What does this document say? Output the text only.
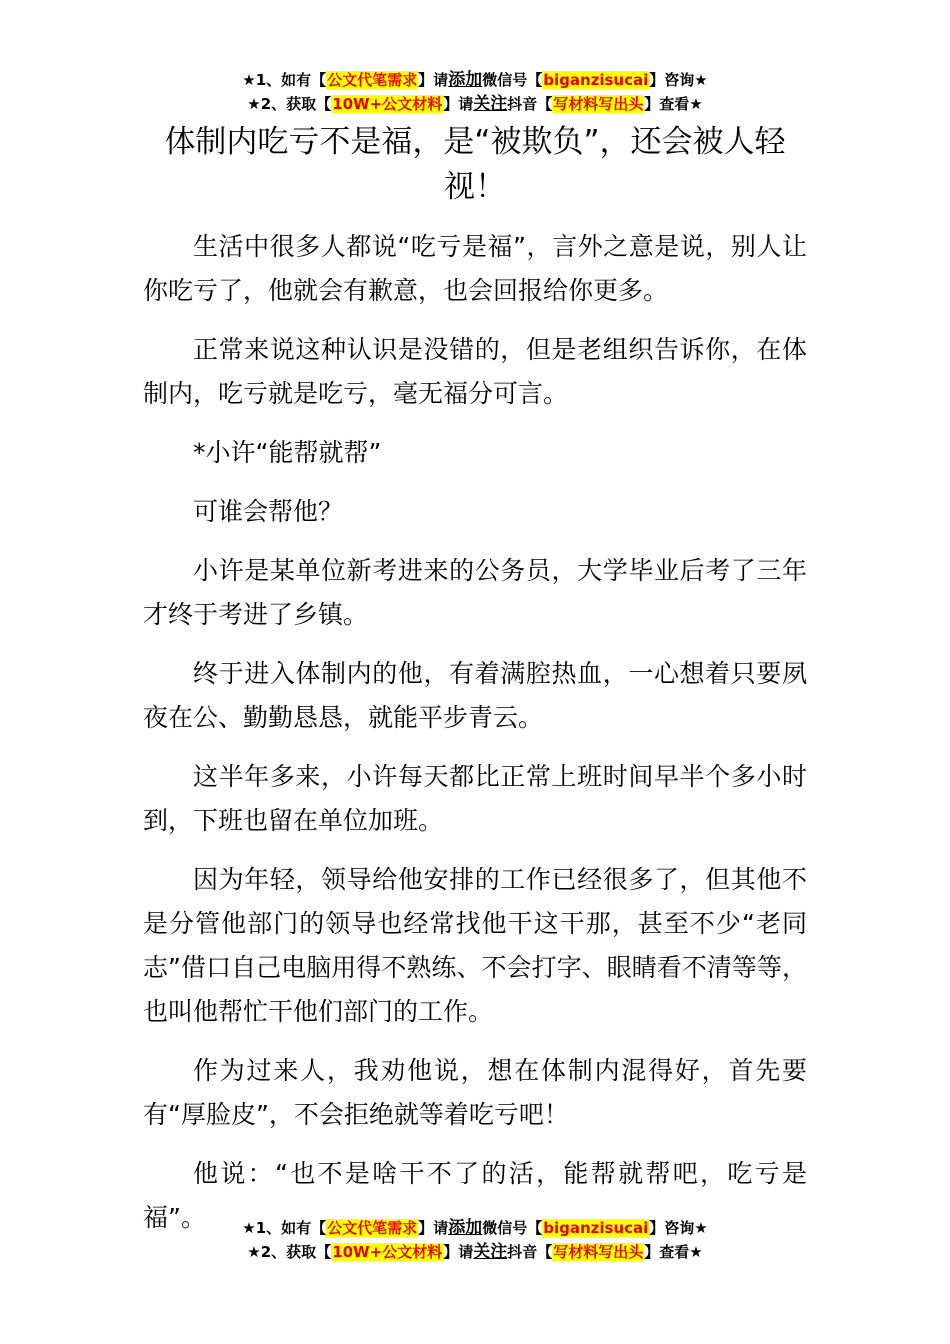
★1、如有【公文代笔需求】请添加微信号【biganzisucai】咨询★
★2、获取【10W+公文材料】请关注抖音【写材料写出头】查看★
体制内吃亏不是福，是“被欺负”，还会被人轻视！

生活中很多人都说“吃亏是福”，言外之意是说，别人让你吃亏了，他就会有歉意，也会回报给你更多。

正常来说这种认识是没错的，但是老组织告诉你，在体制内，吃亏就是吃亏，毫无福分可言。

*小许“能帮就帮”

可谁会帮他？

小许是某单位新考进来的公务员，大学毕业后考了三年才终于考进了乡镇。

终于进入体制内的他，有着满腔热血，一心想着只要夙夜在公、勤勤恳恳，就能平步青云。

这半年多来，小许每天都比正常上班时间早半个多小时到，下班也留在单位加班。

因为年轻，领导给他安排的工作已经很多了，但其他不是分管他部门的领导也经常找他干这干那，甚至不少“老同志”借口自己电脑用得不熟练、不会打字、眼睛看不清等等，也叫他帮忙干他们部门的工作。

作为过来人，我劝他说，想在体制内混得好，首先要有“厚脸皮”，不会拒绝就等着吃亏吧！

他说：“也不是啥干不了的活，能帮就帮吧，吃亏是福”。	★1、如有【公文代笔需求】请添加微信号【biganzisucai】咨询★
★2、获取【10W+公文材料】请关注抖音【写材料写出头】查看★
